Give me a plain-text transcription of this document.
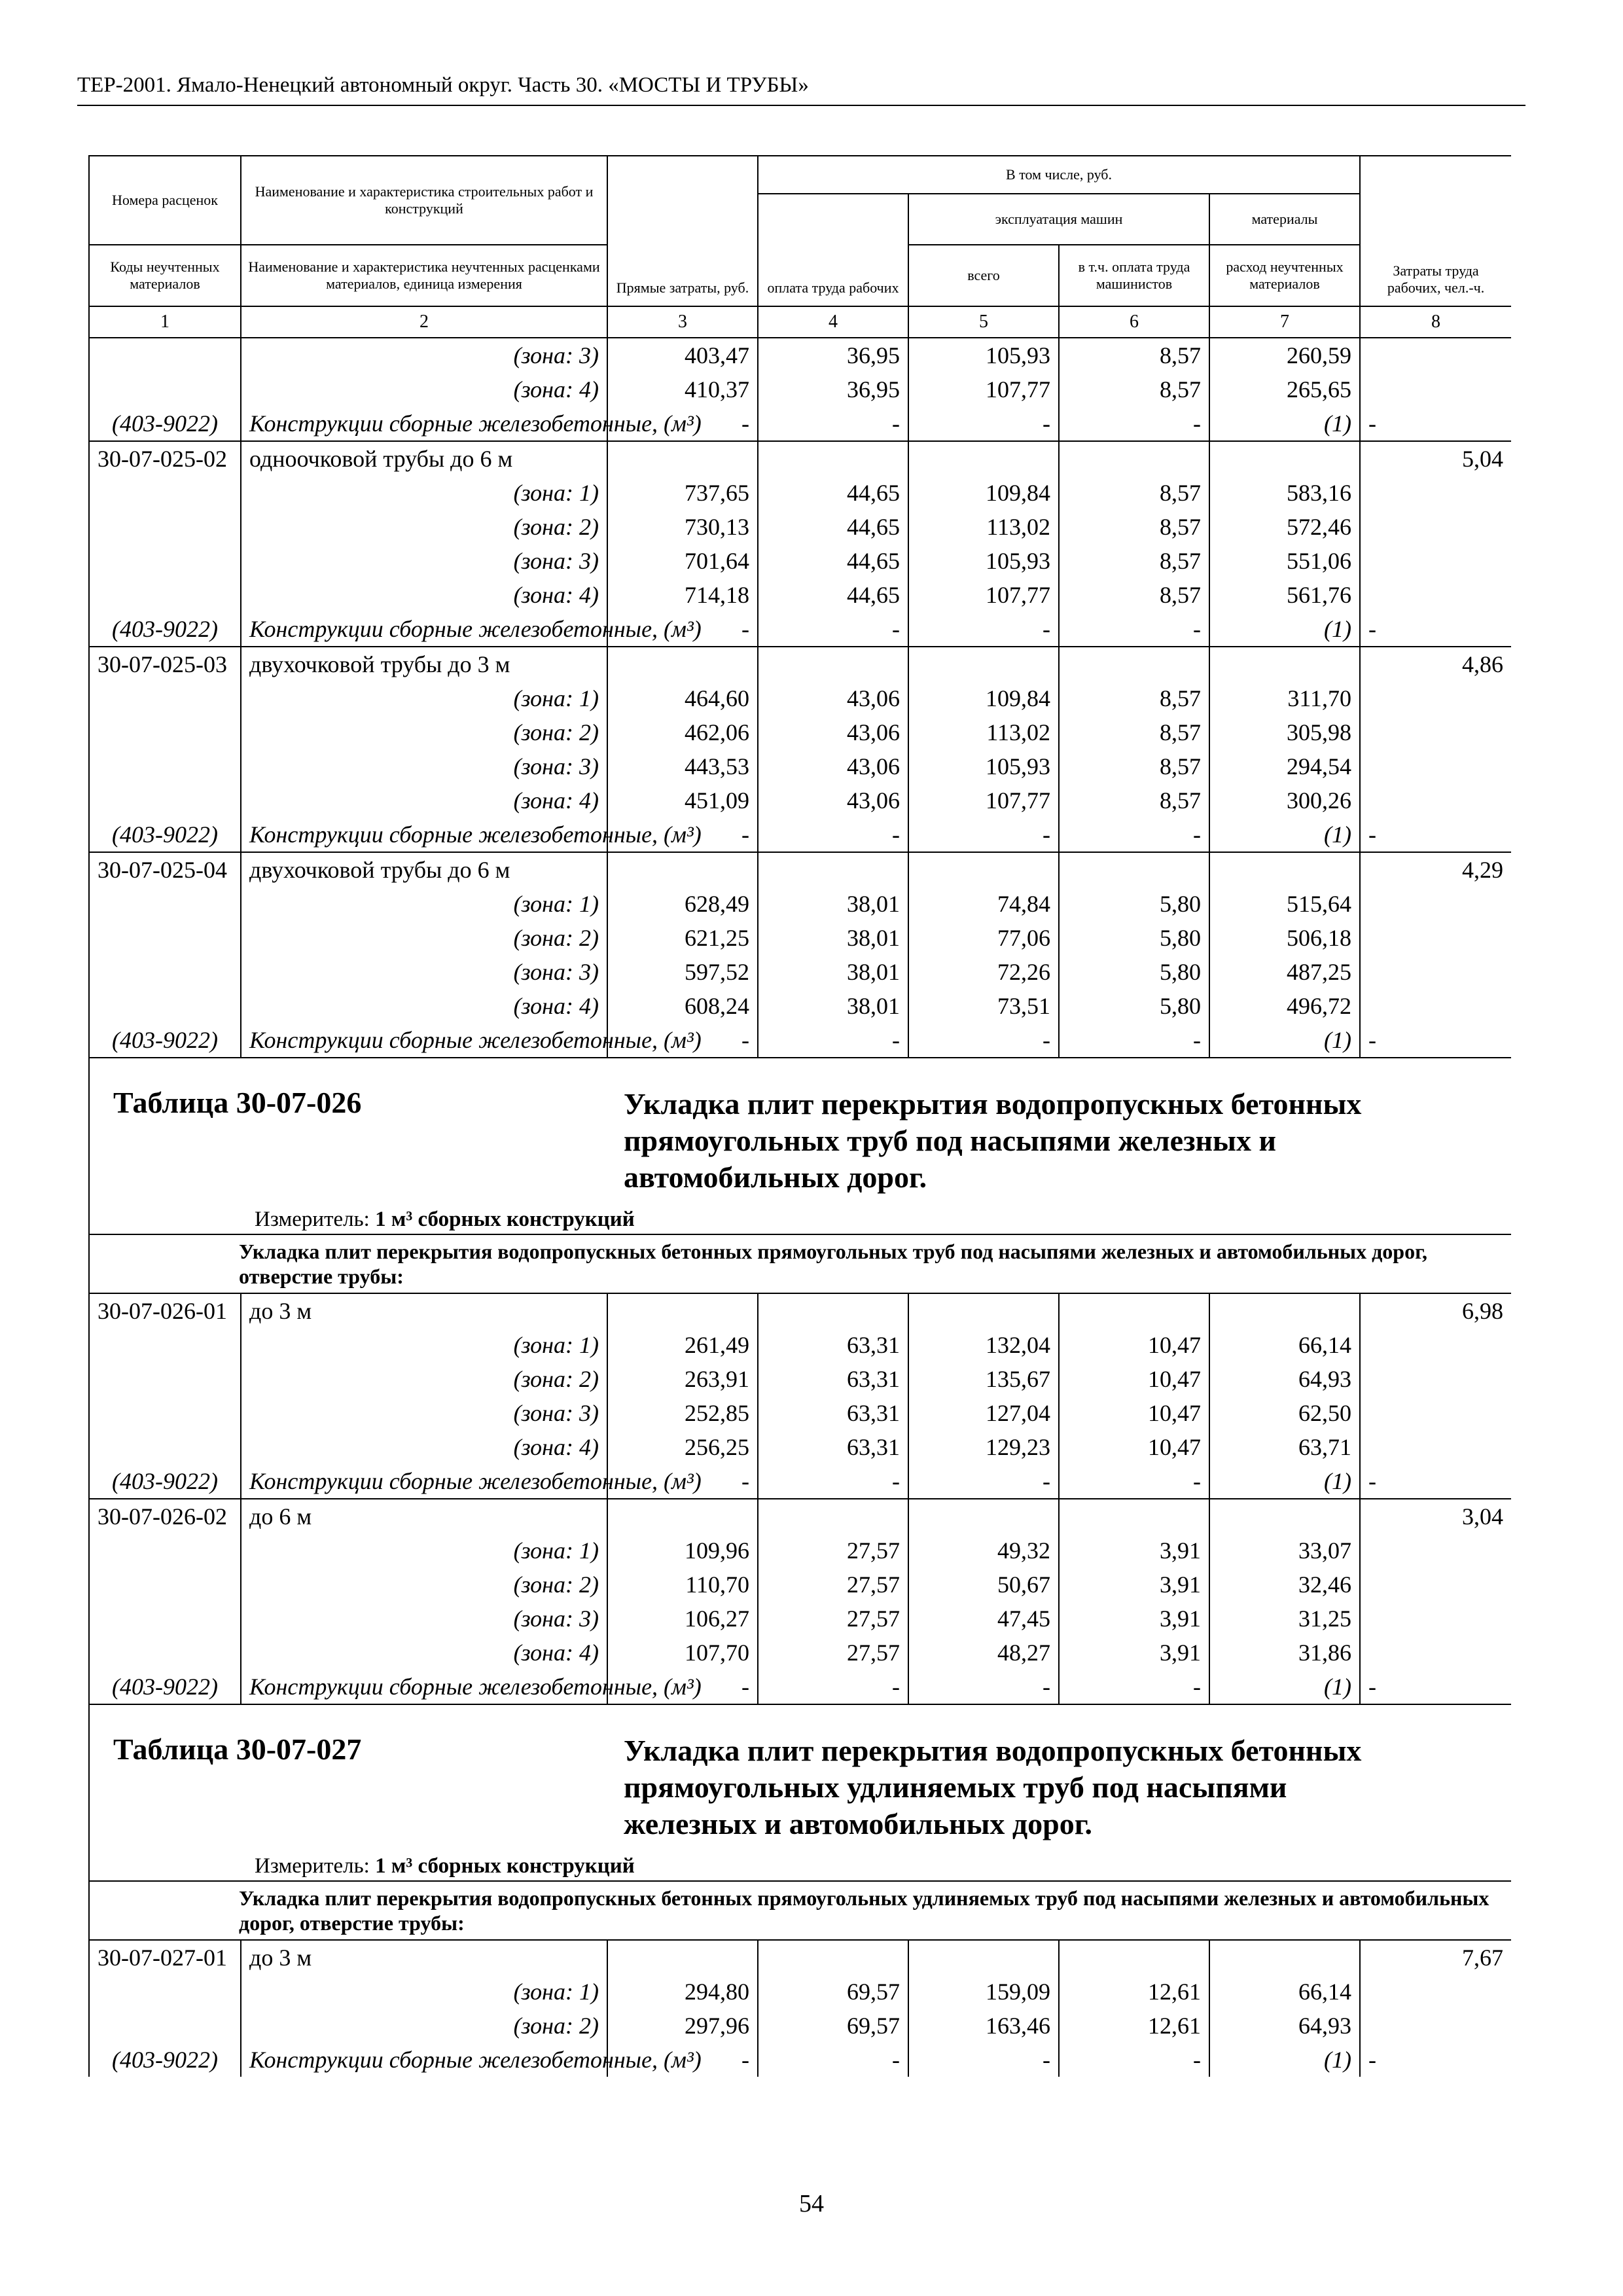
ТЕР-2001. Ямало-Ненецкий автономный округ. Часть 30. «МОСТЫ И ТРУБЫ»
Номера расценок	Наименование и характеристика строительных работ и конструкций	Прямые затраты, руб.	В том числе, руб.				Затраты труда рабочих, чел.-ч.
			оплата труда рабочих	эксплуатация машин		материалы	
Коды неучтенных материалов	Наименование и характеристика неучтенных расценками материалов, единица измерения			всего	в т.ч. оплата труда машинистов	расход неучтенных материалов	

1	2	3	4	5	6	7	8
	(зона: 3)	403,47	36,95	105,93	8,57	260,59	
	(зона: 4)	410,37	36,95	107,77	8,57	265,65	
(403-9022)	Конструкции сборные железобетонные, (м³)	-	-	-	-	(1)	-
30-07-025-02	одноочковой трубы до 6 м						5,04
	(зона: 1)	737,65	44,65	109,84	8,57	583,16	
	(зона: 2)	730,13	44,65	113,02	8,57	572,46	
	(зона: 3)	701,64	44,65	105,93	8,57	551,06	
	(зона: 4)	714,18	44,65	107,77	8,57	561,76	
(403-9022)	Конструкции сборные железобетонные, (м³)	-	-	-	-	(1)	-
30-07-025-03	двухочковой трубы до 3 м						4,86
	(зона: 1)	464,60	43,06	109,84	8,57	311,70	
	(зона: 2)	462,06	43,06	113,02	8,57	305,98	
	(зона: 3)	443,53	43,06	105,93	8,57	294,54	
	(зона: 4)	451,09	43,06	107,77	8,57	300,26	
(403-9022)	Конструкции сборные железобетонные, (м³)	-	-	-	-	(1)	-
30-07-025-04	двухочковой трубы до 6 м						4,29
	(зона: 1)	628,49	38,01	74,84	5,80	515,64	
	(зона: 2)	621,25	38,01	77,06	5,80	506,18	
	(зона: 3)	597,52	38,01	72,26	5,80	487,25	
	(зона: 4)	608,24	38,01	73,51	5,80	496,72	
(403-9022)	Конструкции сборные железобетонные, (м³)	-	-	-	-	(1)	-

Таблица 30-07-026 Укладка плит перекрытия водопропускных бетонных прямоугольных труб под насыпями железных и автомобильных дорог.
Измеритель: 1 м³ сборных конструкций							

Укладка плит перекрытия водопропускных бетонных прямоугольных труб под насыпями железных и автомобильных дорог, отверстие трубы:							
30-07-026-01	до 3 м						6,98
	(зона: 1)	261,49	63,31	132,04	10,47	66,14	
	(зона: 2)	263,91	63,31	135,67	10,47	64,93	
	(зона: 3)	252,85	63,31	127,04	10,47	62,50	
	(зона: 4)	256,25	63,31	129,23	10,47	63,71	
(403-9022)	Конструкции сборные железобетонные, (м³)	-	-	-	-	(1)	-
30-07-026-02	до 6 м						3,04
	(зона: 1)	109,96	27,57	49,32	3,91	33,07	
	(зона: 2)	110,70	27,57	50,67	3,91	32,46	
	(зона: 3)	106,27	27,57	47,45	3,91	31,25	
	(зона: 4)	107,70	27,57	48,27	3,91	31,86	
(403-9022)	Конструкции сборные железобетонные, (м³)	-	-	-	-	(1)	-

Таблица 30-07-027 Укладка плит перекрытия водопропускных бетонных прямоугольных удлиняемых труб под насыпями железных и автомобильных дорог.
Измеритель: 1 м³ сборных конструкций							

Укладка плит перекрытия водопропускных бетонных прямоугольных удлиняемых труб под насыпями железных и автомобильных дорог, отверстие трубы:							
30-07-027-01	до 3 м						7,67
	(зона: 1)	294,80	69,57	159,09	12,61	66,14	
	(зона: 2)	297,96	69,57	163,46	12,61	64,93	
(403-9022)	Конструкции сборные железобетонные, (м³)	-	-	-	-	(1)	-
54
